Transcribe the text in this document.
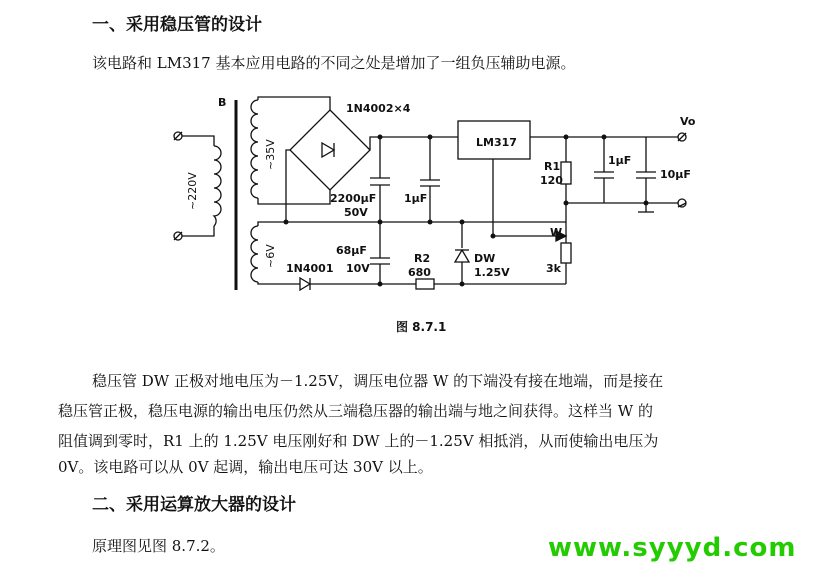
一、采用稳压管的设计

该电路和 LM317 基本应用电路的不同之处是增加了一组负压辅助电源。

B
~220V
~35V
~6V
1N4002×4
LM317
Vo
2200μF
50V
1μF
R1
120
1μF
10μF
1N4001
68μF
10V
R2
680
DW
1.25V
W
3k
图 8.7.1

稳压管 DW 正极对地电压为－1.25V，调压电位器 W 的下端没有接在地端，而是接在

稳压管正极，稳压电源的输出电压仍然从三端稳压器的输出端与地之间获得。这样当 W 的

阻值调到零时，R1 上的 1.25V 电压刚好和 DW 上的－1.25V 相抵消，从而使输出电压为

0V。该电路可以从 0V 起调，输出电压可达 30V 以上。

二、采用运算放大器的设计

原理图见图 8.7.2。	www.syyyd.com
